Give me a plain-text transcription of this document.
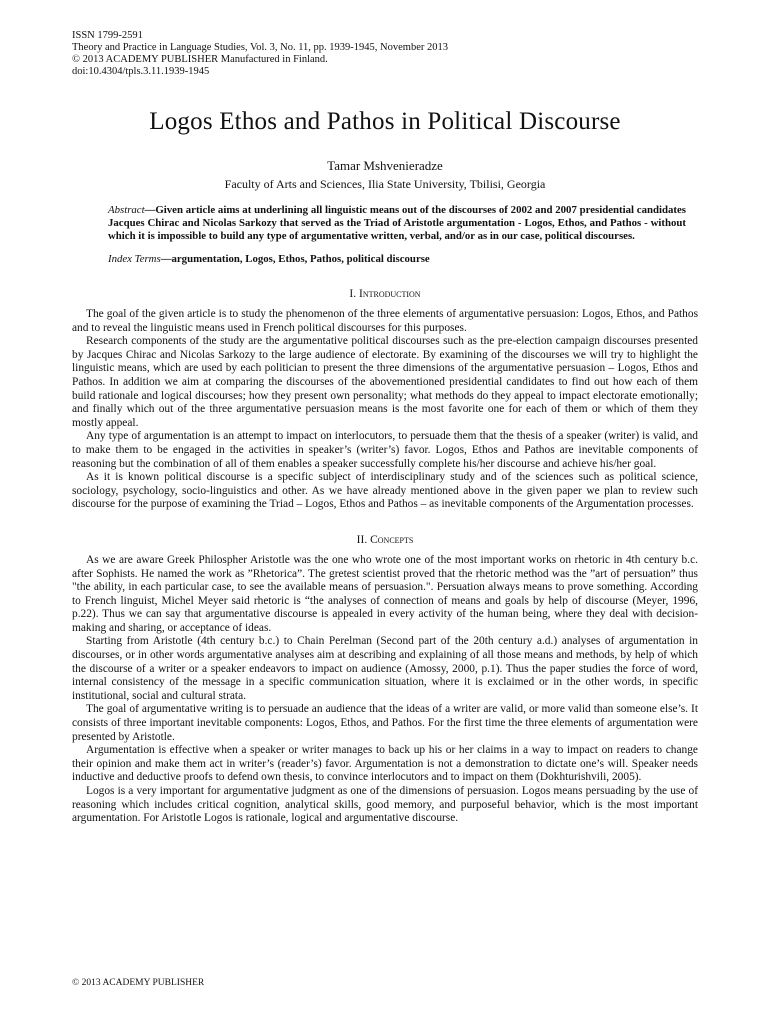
ISSN 1799-2591
Theory and Practice in Language Studies, Vol. 3, No. 11, pp. 1939-1945, November 2013
© 2013 ACADEMY PUBLISHER Manufactured in Finland.
doi:10.4304/tpls.3.11.1939-1945
Logos Ethos and Pathos in Political Discourse
Tamar Mshvenieradze
Faculty of Arts and Sciences, Ilia State University, Tbilisi, Georgia
Abstract—Given article aims at underlining all linguistic means out of the discourses of 2002 and 2007 presidential candidates Jacques Chirac and Nicolas Sarkozy that served as the Triad of Aristotle argumentation - Logos, Ethos, and Pathos - without which it is impossible to build any type of argumentative written, verbal, and/or as in our case, political discourses.
Index Terms—argumentation, Logos, Ethos, Pathos, political discourse
I. Introduction

The goal of the given article is to study the phenomenon of the three elements of argumentative persuasion: Logos, Ethos, and Pathos and to reveal the linguistic means used in French political discourses for this purposes.

Research components of the study are the argumentative political discourses such as the pre-election campaign discourses presented by Jacques Chirac and Nicolas Sarkozy to the large audience of electorate. By examining of the discourses we will try to highlight the linguistic means, which are used by each politician to present the three dimensions of the argumentative persuasion – Logos, Ethos and Pathos. In addition we aim at comparing the discourses of the abovementioned presidential candidates to find out how each of them build rationale and logical discourses; how they present own personality; what methods do they appeal to impact electorate emotionally; and finally which out of the three argumentative persuasion means is the most favorite one for each of them or which of them they mostly appeal.

Any type of argumentation is an attempt to impact on interlocutors, to persuade them that the thesis of a speaker (writer) is valid, and to make them to be engaged in the activities in speaker’s (writer’s) favor. Logos, Ethos and Pathos are inevitable components of reasoning but the combination of all of them enables a speaker successfully complete his/her discourse and achieve his/her goal.

As it is known political discourse is a specific subject of interdisciplinary study and of the sciences such as political science, sociology, psychology, socio-linguistics and other. As we have already mentioned above in the given paper we plan to review such discourse for the purpose of examining the Triad – Logos, Ethos and Pathos – as inevitable components of the Argumentation processes.

II. Concepts

As we are aware Greek Philospher Aristotle was the one who wrote one of the most important works on rhetoric in 4th century b.c. after Sophists. He named the work as ”Rhetorica”. The gretest scientist proved that the rhetoric method was the ”art of persuation” thus "the ability, in each particular case, to see the available means of persuasion.". Persuation always means to prove something. According to French linguist, Michel Meyer said rhetoric is “the analyses of connection of means and goals by help of discourse (Meyer, 1996, p.22). Thus we can say that argumentative discourse is appealed in every activity of the human being, where they deal with decision-making and sharing, or acceptance of ideas.

Starting from Aristotle (4th century b.c.) to Chain Perelman (Second part of the 20th century a.d.) analyses of argumentation in discourses, or in other words argumentative analyses aim at describing and explaining of all those means and methods, by help of which the discourse of a writer or a speaker endeavors to impact on audience (Amossy, 2000, p.1). Thus the paper studies the force of word, internal consistency of the message in a specific communication situation, where it is exclaimed or in the other words, in specific institutional, social and cultural strata.

The goal of argumentative writing is to persuade an audience that the ideas of a writer are valid, or more valid than someone else’s. It consists of three important inevitable components: Logos, Ethos, and Pathos. For the first time the three elements of argumentation were presented by Aristotle.

Argumentation is effective when a speaker or writer manages to back up his or her claims in a way to impact on readers to change their opinion and make them act in writer’s (reader’s) favor. Argumentation is not a demonstration to dictate one’s will. Speaker needs inductive and deductive proofs to defend own thesis, to convince interlocutors and to impact on them (Dokhturishvili, 2005).

Logos is a very important for argumentative judgment as one of the dimensions of persuasion. Logos means persuading by the use of reasoning which includes critical cognition, analytical skills, good memory, and purposeful behavior, which is the most important argumentation. For Aristotle Logos is rationale, logical and argumentative discourse.

© 2013 ACADEMY PUBLISHER
